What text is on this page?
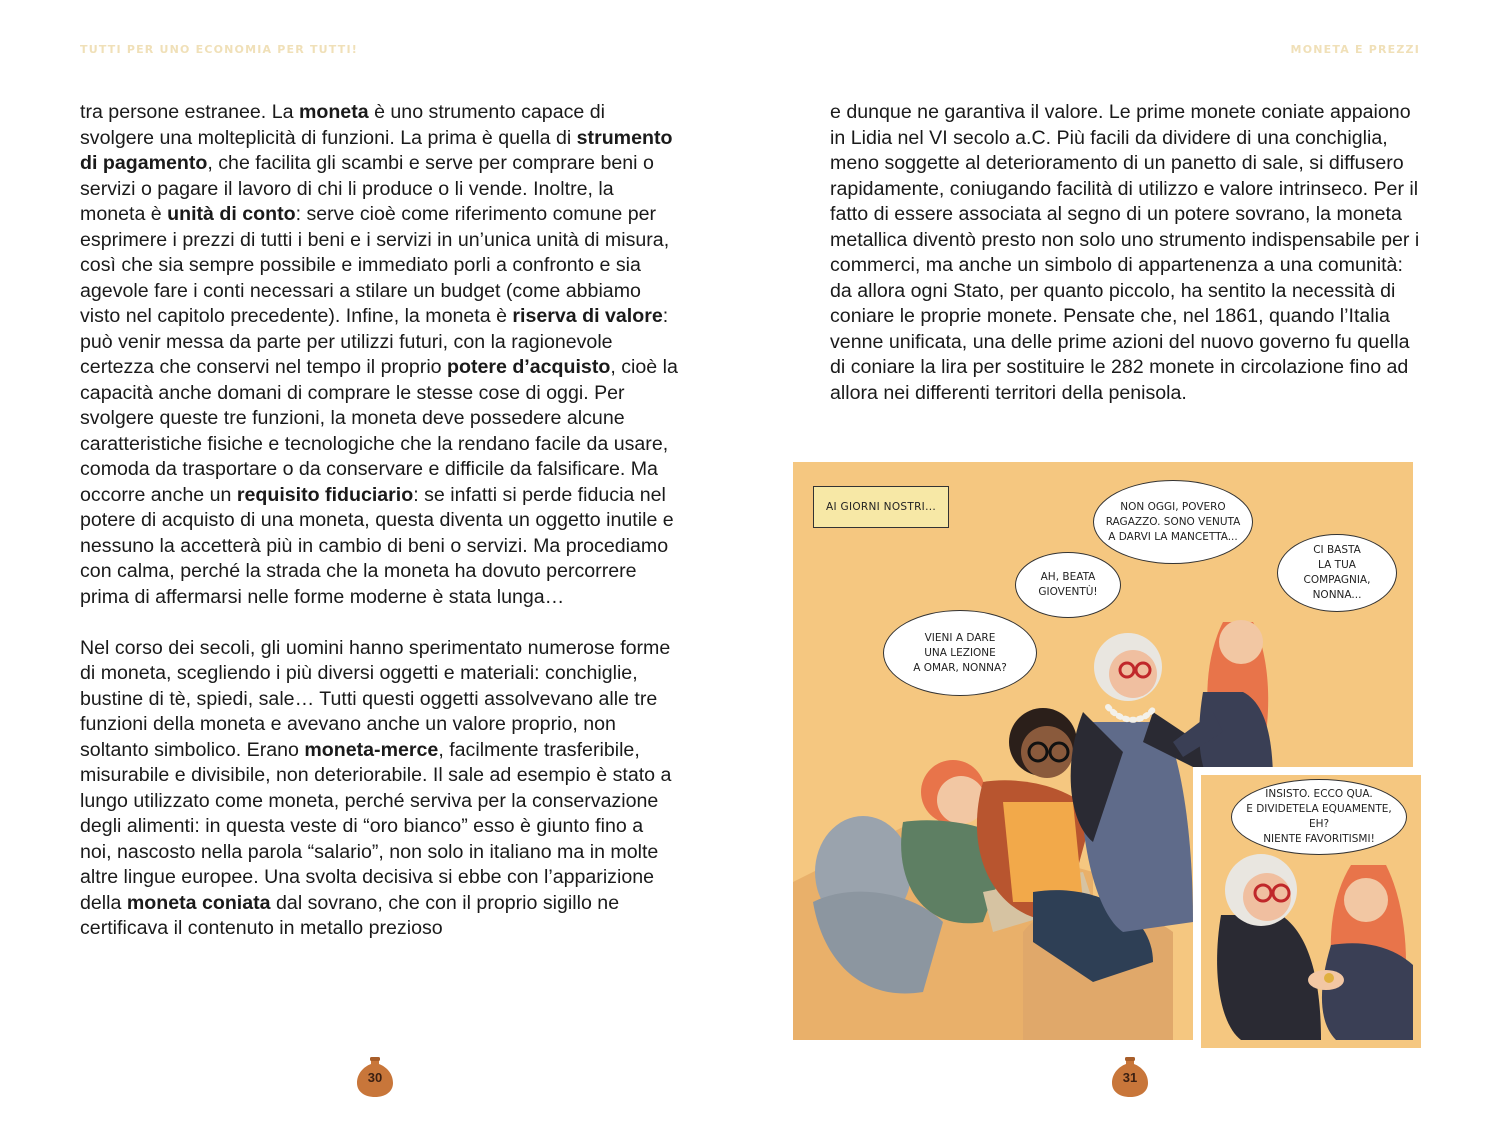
TUTTI PER UNO ECONOMIA PER TUTTI!

tra persone estranee. La moneta è uno strumento capace di svolgere una molteplicità di funzioni. La prima è quella di strumento di pagamento, che facilita gli scambi e serve per comprare beni o servizi o pagare il lavoro di chi li produce o li vende. Inoltre, la moneta è unità di conto: serve cioè come riferimento comune per esprimere i prezzi di tutti i beni e i servizi in un’unica unità di misura, così che sia sempre possibile e immediato porli a confronto e sia agevole fare i conti necessari a stilare un budget (come abbiamo visto nel capitolo precedente). Infine, la moneta è riserva di valore: può venir messa da parte per utilizzi futuri, con la ragionevole certezza che conservi nel tempo il proprio potere d’acquisto, cioè la capacità anche domani di comprare le stesse cose di oggi. Per svolgere queste tre funzioni, la moneta deve possedere alcune caratteristiche fisiche e tecnologiche che la rendano facile da usare, comoda da trasportare o da conservare e difficile da falsificare. Ma occorre anche un requisito fiduciario: se infatti si perde fiducia nel potere di acquisto di una moneta, questa diventa un oggetto inutile e nessuno la accetterà più in cambio di beni o servizi. Ma procediamo con calma, perché la strada che la moneta ha dovuto percorrere prima di affermarsi nelle forme moderne è stata lunga…

Nel corso dei secoli, gli uomini hanno sperimentato numerose forme di moneta, scegliendo i più diversi oggetti e materiali: conchiglie, bustine di tè, spiedi, sale… Tutti questi oggetti assolvevano alle tre funzioni della moneta e avevano anche un valore proprio, non soltanto simbolico. Erano moneta-merce, facilmente trasferibile, misurabile e divisibile, non deteriorabile. Il sale ad esempio è stato a lungo utilizzato come moneta, perché serviva per la conservazione degli alimenti: in questa veste di “oro bianco” esso è giunto fino a noi, nascosto nella parola “salario”, non solo in italiano ma in molte altre lingue europee. Una svolta decisiva si ebbe con l’apparizione della moneta coniata dal sovrano, che con il proprio sigillo ne certificava il contenuto in metallo prezioso

30
MONETA E PREZZI

e dunque ne garantiva il valore. Le prime monete coniate appaiono in Lidia nel VI secolo a.C. Più facili da dividere di una conchiglia, meno soggette al deterioramento di un panetto di sale, si diffusero rapidamente, coniugando facilità di utilizzo e valore intrinseco. Per il fatto di essere associata al segno di un potere sovrano, la moneta metallica diventò presto non solo uno strumento indispensabile per i commerci, ma anche un simbolo di appartenenza a una comunità: da allora ogni Stato, per quanto piccolo, ha sentito la necessità di coniare le proprie monete. Pensate che, nel 1861, quando l’Italia venne unificata, una delle prime azioni del nuovo governo fu quella di coniare la lira per sostituire le 282 monete in circolazione fino ad allora nei differenti territori della penisola.

AI GIORNI NOSTRI...	NON OGGI, POVERO
RAGAZZO. SONO VENUTA
A DARVI LA MANCETTA...
AH, BEATA
GIOVENTÙ!
CI BASTA
LA TUA COMPAGNIA,
NONNA...
VIENI A DARE
UNA LEZIONE
A OMAR, NONNA?
INSISTO. ECCO QUA.
E DIVIDETELA EQUAMENTE, EH?
NIENTE FAVORITISMI!
31
